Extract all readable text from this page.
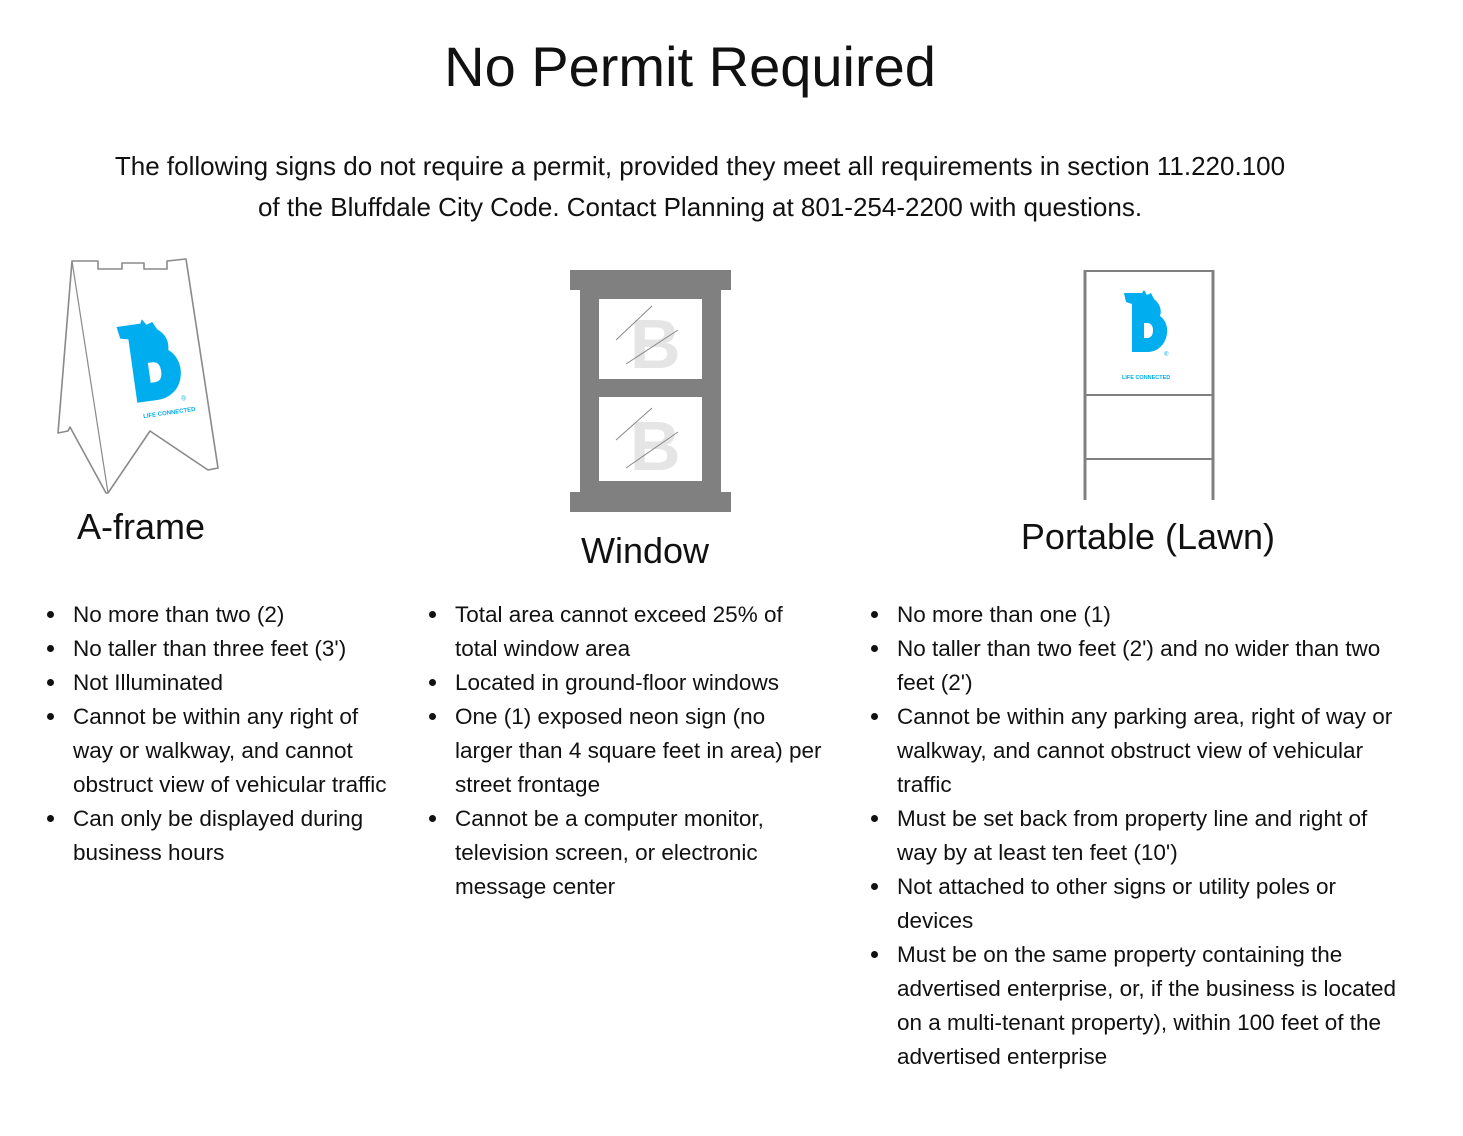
No Permit Required

The following signs do not require a permit, provided they meet all requirements in section 11.220.100 of the Bluffdale City Code. Contact Planning at 801-254-2200 with questions.

®
LIFE CONNECTED
B
B
®
LIFE CONNECTED
A-frame
Window	Portable (Lawn)
No more than two (2)
No taller than three feet (3')
Not Illuminated
Cannot be within any right of way or walkway, and cannot obstruct view of vehicular traffic
Can only be displayed during business hours
Total area cannot exceed 25% of total window area
Located in ground-floor windows
One (1) exposed neon sign (no larger than 4 square feet in area) per street frontage
Cannot be a computer monitor, television screen, or electronic message center
No more than one (1)
No taller than two feet (2') and no wider than two feet (2')
Cannot be within any parking area, right of way or walkway, and cannot obstruct view of vehicular traffic
Must be set back from property line and right of way by at least ten feet (10')
Not attached to other signs or utility poles or devices
Must be on the same property containing the advertised enterprise, or, if the business is located on a multi-tenant property), within 100 feet of the advertised enterprise
